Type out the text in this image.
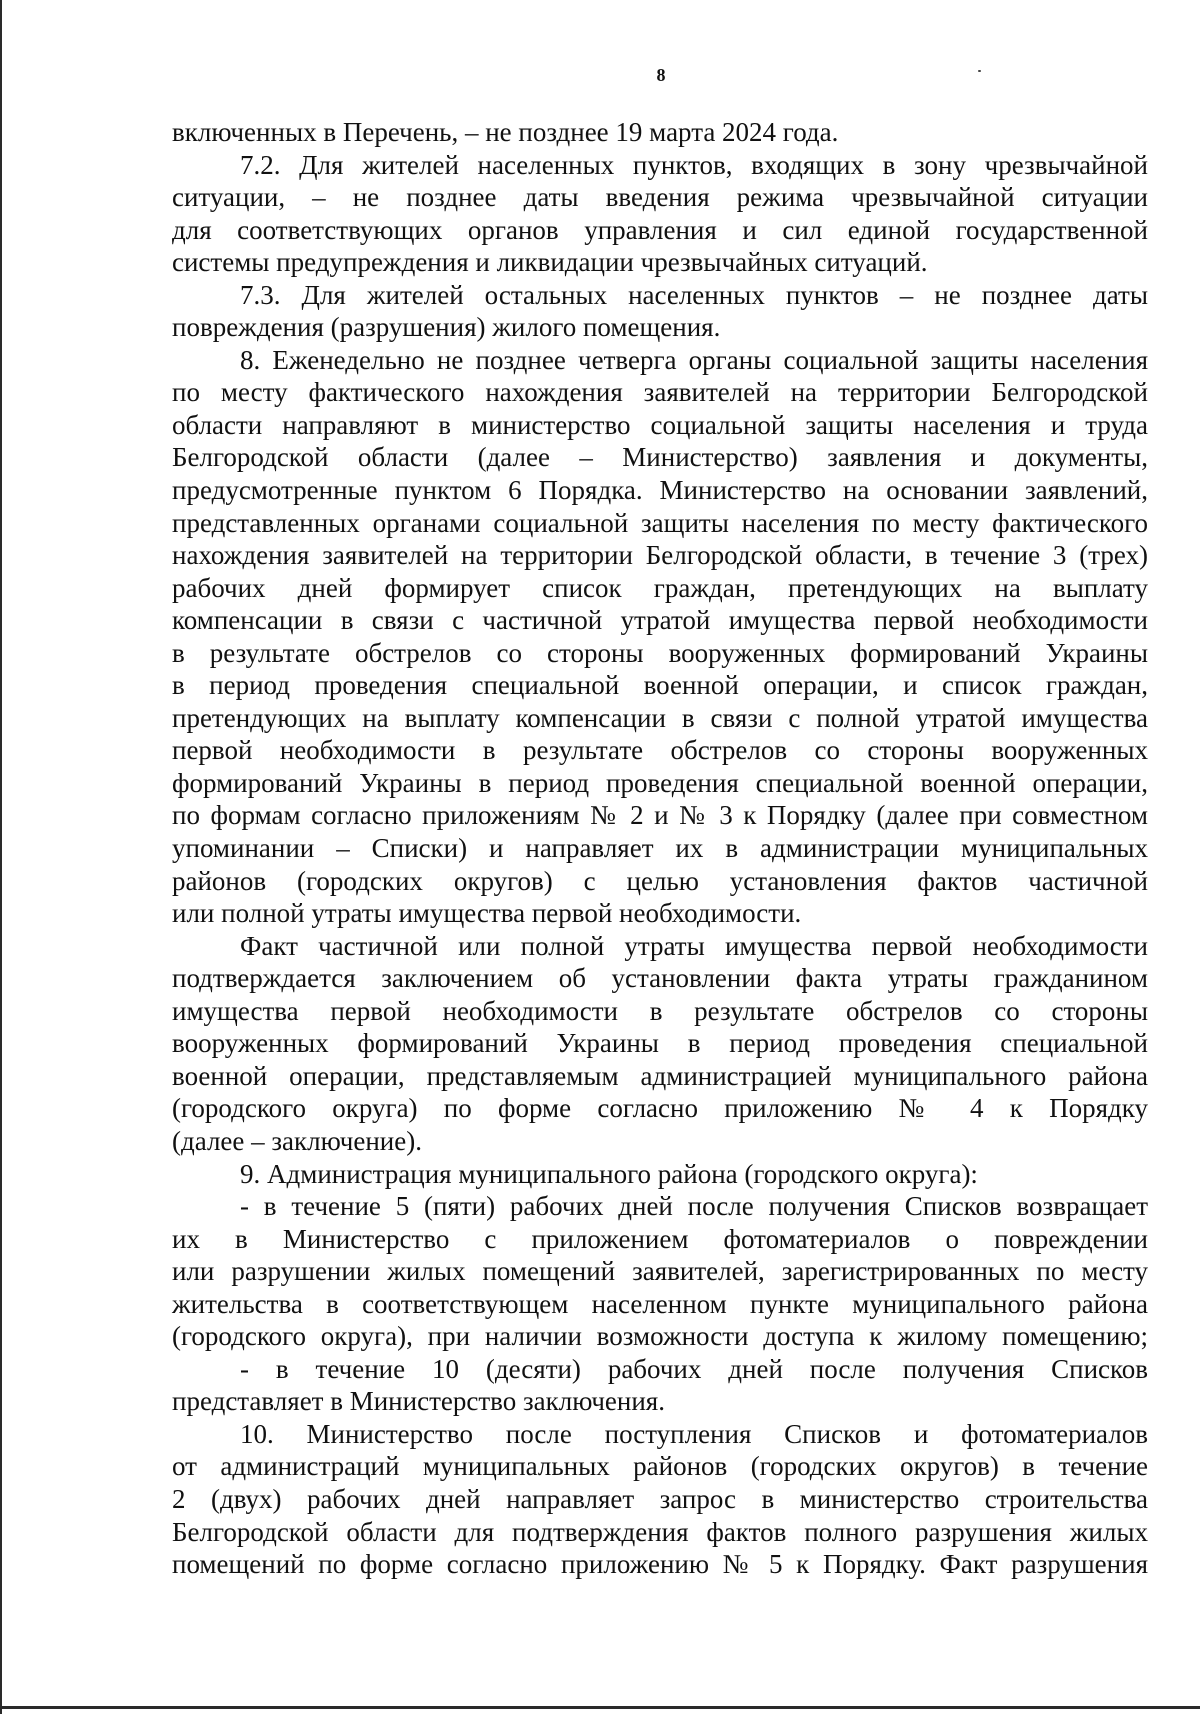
8
включенных в Перечень, – не позднее 19 марта 2024 года.
7.2. Для жителей населенных пунктов, входящих в зону чрезвычайной
ситуации, – не позднее даты введения режима чрезвычайной ситуации
для соответствующих органов управления и сил единой государственной
системы предупреждения и ликвидации чрезвычайных ситуаций.
7.3. Для жителей остальных населенных пунктов – не позднее даты
повреждения (разрушения) жилого помещения.
8. Еженедельно не позднее четверга органы социальной защиты населения
по месту фактического нахождения заявителей на территории Белгородской
области направляют в министерство социальной защиты населения и труда
Белгородской области (далее – Министерство) заявления и документы,
предусмотренные пунктом 6 Порядка. Министерство на основании заявлений,
представленных органами социальной защиты населения по месту фактического
нахождения заявителей на территории Белгородской области, в течение 3 (трех)
рабочих дней формирует список граждан, претендующих на выплату
компенсации в связи с частичной утратой имущества первой необходимости
в результате обстрелов со стороны вооруженных формирований Украины
в период проведения специальной военной операции, и список граждан,
претендующих на выплату компенсации в связи с полной утратой имущества
первой необходимости в результате обстрелов со стороны вооруженных
формирований Украины в период проведения специальной военной операции,
по формам согласно приложениям № 2 и № 3 к Порядку (далее при совместном
упоминании – Списки) и направляет их в администрации муниципальных
районов (городских округов) с целью установления фактов частичной
или полной утраты имущества первой необходимости.
Факт частичной или полной утраты имущества первой необходимости
подтверждается заключением об установлении факта утраты гражданином
имущества первой необходимости в результате обстрелов со стороны
вооруженных формирований Украины в период проведения специальной
военной операции, представляемым администрацией муниципального района
(городского округа) по форме согласно приложению № 4 к Порядку
(далее – заключение).
9. Администрация муниципального района (городского округа):
- в течение 5 (пяти) рабочих дней после получения Списков возвращает
их в Министерство с приложением фотоматериалов о повреждении
или разрушении жилых помещений заявителей, зарегистрированных по месту
жительства в соответствующем населенном пункте муниципального района
(городского округа), при наличии возможности доступа к жилому помещению;
- в течение 10 (десяти) рабочих дней после получения Списков
представляет в Министерство заключения.
10. Министерство после поступления Списков и фотоматериалов
от администраций муниципальных районов (городских округов) в течение
2 (двух) рабочих дней направляет запрос в министерство строительства
Белгородской области для подтверждения фактов полного разрушения жилых
помещений по форме согласно приложению № 5 к Порядку. Факт разрушения
